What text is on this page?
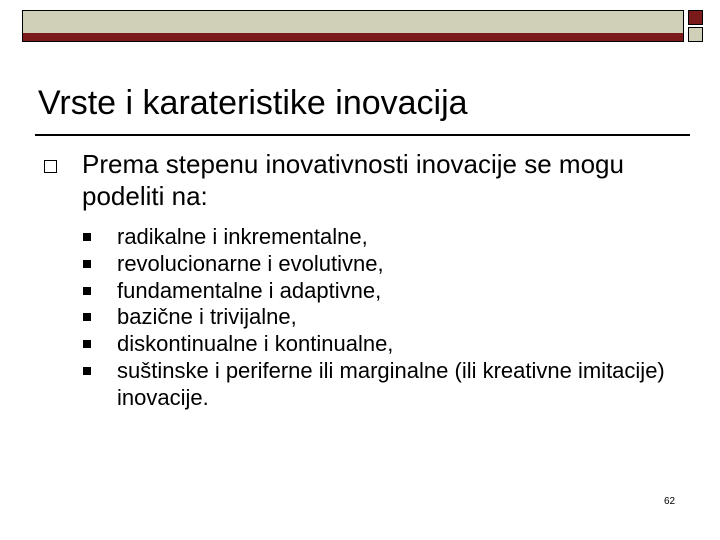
Vrste i karateristike inovacija

Prema stepenu inovativnosti inovacije se mogu podeliti na:

radikalne i inkrementalne,
revolucionarne i evolutivne,
fundamentalne i adaptivne,
bazične i trivijalne,
diskontinualne i kontinualne,
suštinske i periferne ili marginalne (ili kreativne imitacije) inovacije.
62
